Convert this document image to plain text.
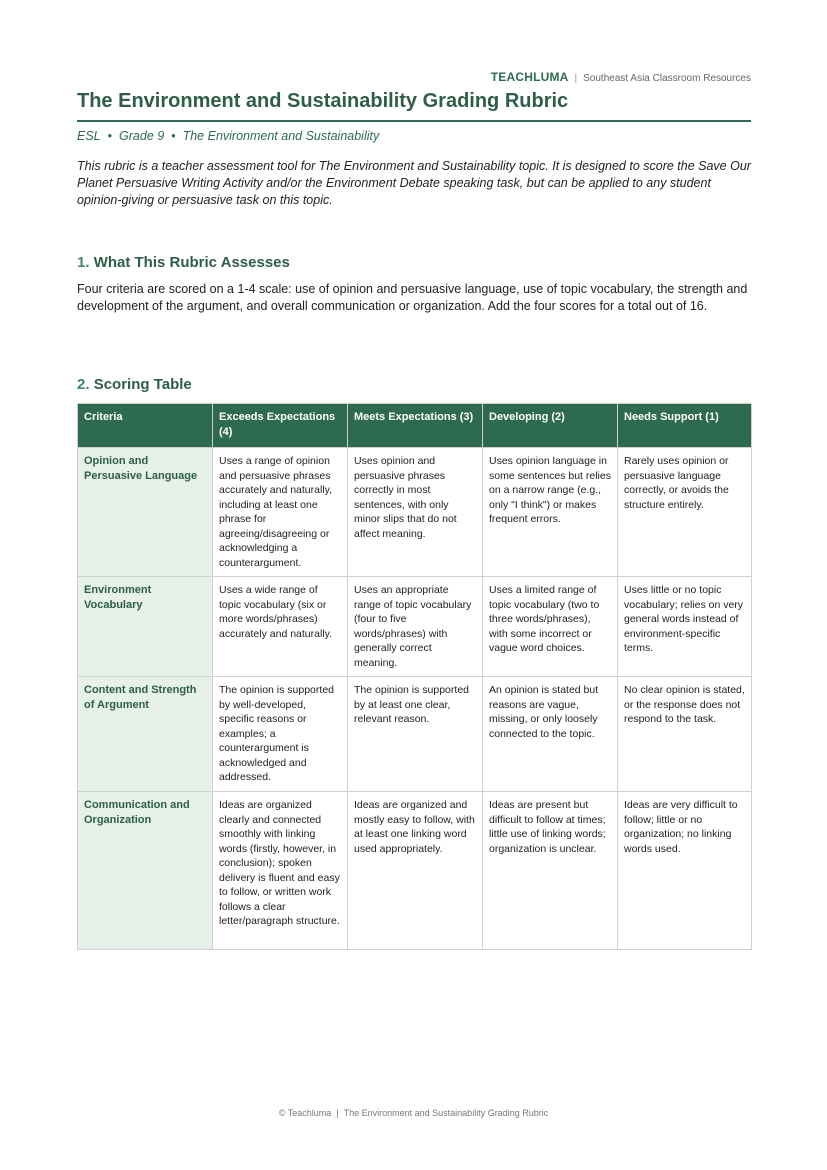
TEACHLUMA | Southeast Asia Classroom Resources
The Environment and Sustainability Grading Rubric
ESL • Grade 9 • The Environment and Sustainability

This rubric is a teacher assessment tool for The Environment and Sustainability topic. It is designed to score the Save Our Planet Persuasive Writing Activity and/or the Environment Debate speaking task, but can be applied to any student opinion-giving or persuasive task on this topic.

1. What This Rubric Assesses

Four criteria are scored on a 1-4 scale: use of opinion and persuasive language, use of topic vocabulary, the strength and development of the argument, and overall communication or organization. Add the four scores for a total out of 16.

2. Scoring Table
Criteria	Exceeds Expectations (4)	Meets Expectations (3)	Developing (2)	Needs Support (1)
Opinion and Persuasive Language	Uses a range of opinion and persuasive phrases accurately and naturally, including at least one phrase for agreeing/disagreeing or acknowledging a counterargument.	Uses opinion and persuasive phrases correctly in most sentences, with only minor slips that do not affect meaning.	Uses opinion language in some sentences but relies on a narrow range (e.g., only "I think") or makes frequent errors.	Rarely uses opinion or persuasive language correctly, or avoids the structure entirely.
Environment Vocabulary	Uses a wide range of topic vocabulary (six or more words/phrases) accurately and naturally.	Uses an appropriate range of topic vocabulary (four to five words/phrases) with generally correct meaning.	Uses a limited range of topic vocabulary (two to three words/phrases), with some incorrect or vague word choices.	Uses little or no topic vocabulary; relies on very general words instead of environment-specific terms.
Content and Strength of Argument	The opinion is supported by well-developed, specific reasons or examples; a counterargument is acknowledged and addressed.	The opinion is supported by at least one clear, relevant reason.	An opinion is stated but reasons are vague, missing, or only loosely connected to the topic.	No clear opinion is stated, or the response does not respond to the task.
Communication and Organization	Ideas are organized clearly and connected smoothly with linking words (firstly, however, in conclusion); spoken delivery is fluent and easy to follow, or written work follows a clear letter/paragraph structure.	Ideas are organized and mostly easy to follow, with at least one linking word used appropriately.	Ideas are present but difficult to follow at times; little use of linking words; organization is unclear.	Ideas are very difficult to follow; little or no organization; no linking words used.
© Teachluma | The Environment and Sustainability Grading Rubric
